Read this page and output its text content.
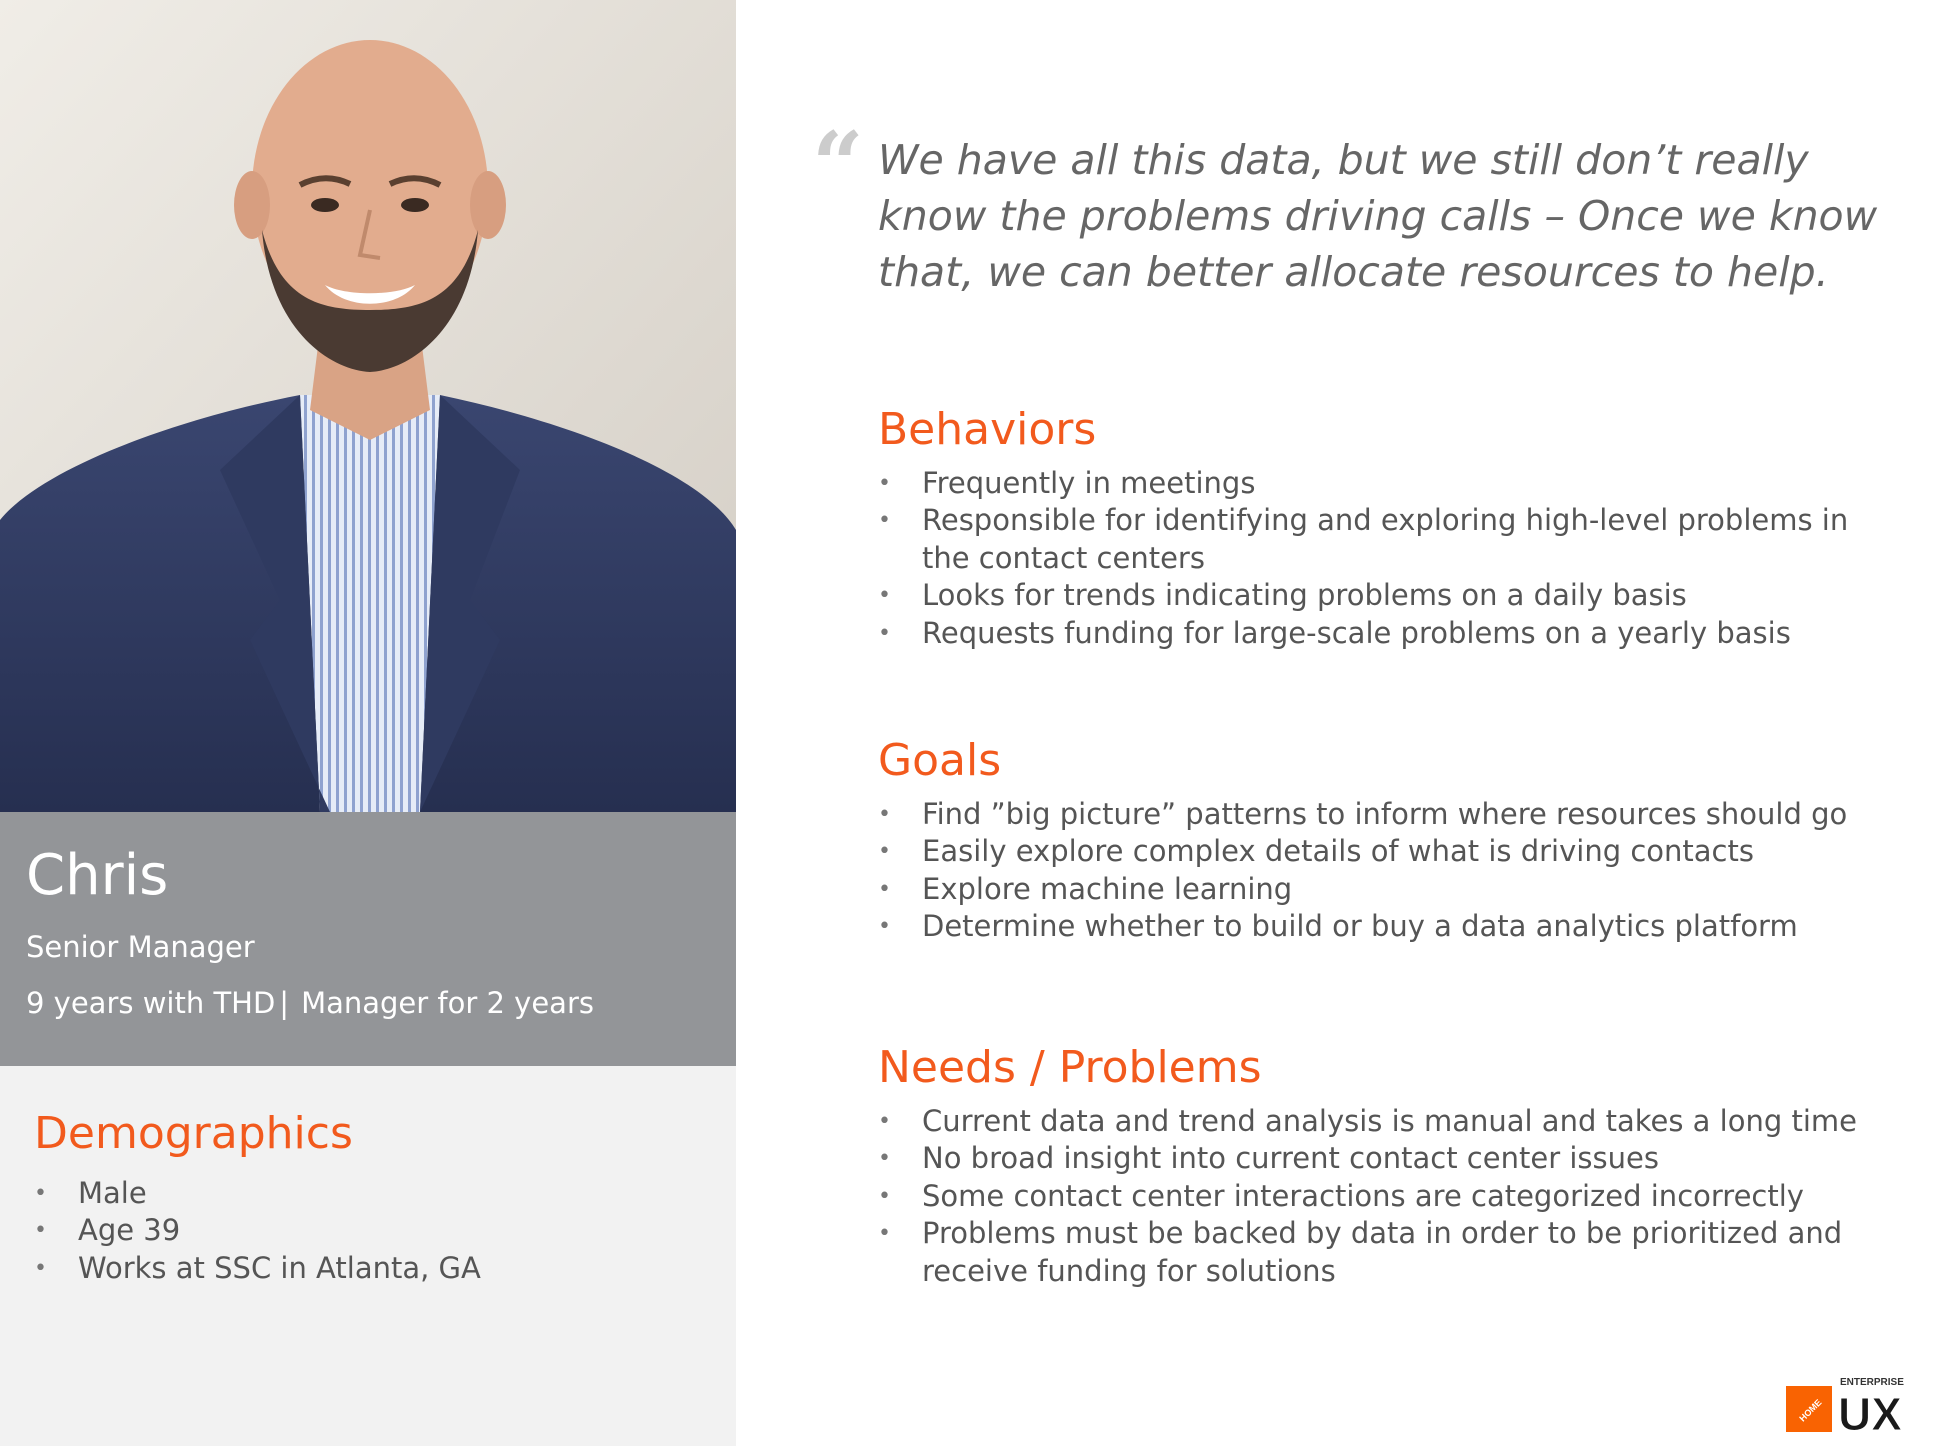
Chris
Senior Manager
9 years with THD | Manager for 2 years
Demographics
• Male
• Age 39
• Works at SSC in Atlanta, GA
“ We have all this data, but we still don’t really know the problems driving calls – Once we know that, we can better allocate resources to help.

Behaviors
• Frequently in meetings
• Responsible for identifying and exploring high-level problems in the contact centers
• Looks for trends indicating problems on a daily basis
• Requests funding for large-scale problems on a yearly basis
Goals
• Find ”big picture” patterns to inform where resources should go
• Easily explore complex details of what is driving contacts
• Explore machine learning
• Determine whether to build or buy a data analytics platform
Needs / Problems
• Current data and trend analysis is manual and takes a long time
• No broad insight into current contact center issues
• Some contact center interactions are categorized incorrectly
• Problems must be backed by data in order to be prioritized and receive funding for solutions
HOME
ENTERPRISE
UX
